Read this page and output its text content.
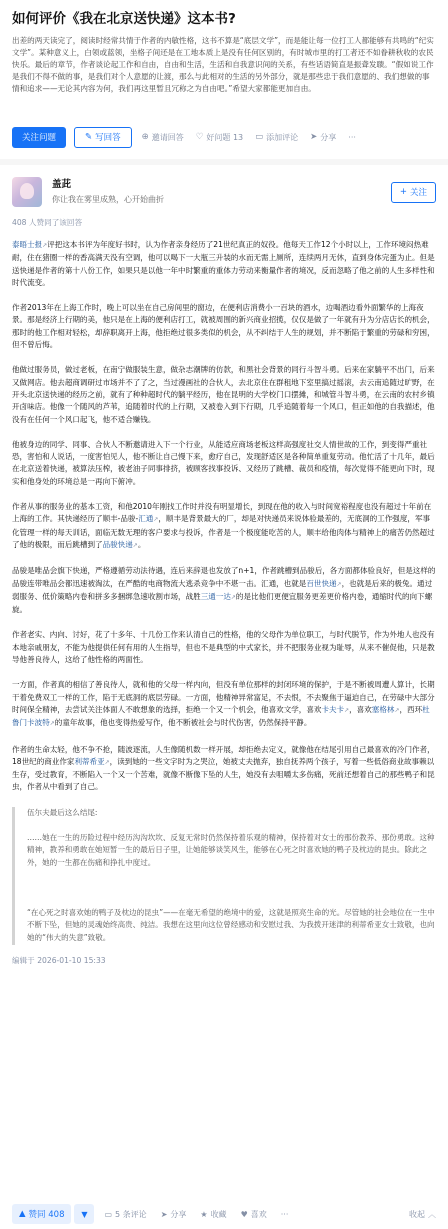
如何评价《我在北京送快递》这本书?
出差的两天读完了，阅读时经常共情于作者的内敏性格，这书不算是“底层文学”，而是能让每一位打工人都能够有共鸣的“纪实文学”。某种意义上，白领或蓝领，坐格子间还是在工地本质上是没有任何区别的，有时城市里的打工者还不如眷耕秋收的农民快乐。最后的章节，作者谈论起工作和自由，自由和生活，生活和自我意识间的关系，有些话语简直是振聋发聩。“假如说工作是我们不得不做的事，是我们对个人意愿的让渡，那么与此相对的生活的另外部分，就是那些忠于我们意愿的、我们想做的事情和追求——无论其内容为何，我们再这里暂且冗称之为自由吧。”希望大家都能更加自由。
关注问题	✎ 写回答 ⊕ 邀请回答 ♡ 好问题 13 ▭ 添加评论 ➤ 分享 ···
盖茈
你让我在雾里成熟，心开始曲折
+ 关注
408 人赞同了该回答

泰晤士报↗评把这本书评为年度好书时，认为作者亲身经历了21世纪真正的奴役。他每天工作12个小时以上，工作环境闷热难耐，住在猪圈一样的香高满天没有空调，他可以喝下一大瓶三升装的水而无需上厕所，连续两月无休，直到身体完蛋为止。但是送快递是作者的第十八份工作，如果只是以他一年中时繁重的重体力劳动来衡量作者的境况，反而忽略了他之前的人生多样性和时代流变。

作者2013年在上海工作时，晚上可以坐在自己房间里的窗边，在便利店消费小一百块的酒水，边喝酒边看外面繁华的上海夜景。那是经济上行期的美，他只是在上海的便利店打工，就被周围的新兴商业招揽，仅仅是做了一年就有升为分店店长的机会，那时的他工作相对轻松，却辞职离开上海，他拒绝过很多类似的机会，从不纠结于人生的规划，并不断陷于繁重的劳碌和穷困，但不曾后悔。

他做过服务员，做过老板，在南宁做服装生意，做杂志潮牌的仿款，和黑社会背景的同行斗智斗勇。后来在家躺平不出门，后来又做网店。他去超商调研过市场并不了了之，当过漫画社的合伙人，去北京住在群租地下室里搞过摇滚，去云南追随过旷野，在开头北京送快递的经历之前，就有了种种超时代的躺平经历，他在昆明的大学校门口摆摊，和城管斗智斗勇，在云南的农村乡镇开卤味店。他像一个随风的芦苇，追随着时代的上行期，又被卷入到下行期，几乎追随着每一个风口，但正如他的自我描述，他没有在任何一个风口起飞，他不适合赚钱。

他被身边的同学、同事、合伙人不断邀请进入下一个行业，从能适应商场老板这样高强度社交人情世故的工作，到变得严重社恐，害怕和人说话，一度害怕见人，他不断让自己慢下来，愈疗自己，发现舒适区是各种简单重复劳动。他忙活了十几年，最后在北京送着快递，被算法压榨，被老油子同事排挤，被顾客找事投诉、又经历了跳槽、裁员和疫情，每次觉得不能更向下时，现实和他身处的环境总是一再向下俯冲。

作者从事的服务业的基本工资，和他2010年刚找工作时并没有明显增长，到现在他的收入与时间宽裕程度也没有超过十年前在上海的工作。其快递经历了顺丰-品骏-汇通↗，顺丰是背景最大的厂，却是对快递员来说体验最差的，无底洞的工作强度，军事化管理一样的每天训话，面临无数无理的客户要求与投诉，作者是一个极度能吃苦的人，顺丰给他肉体与精神上的痛苦仍然超过了他的极限，而后跳槽到了品骏快递↗。

品骏是唯品会旗下快递，严格遵循劳动法待遇，连后来辞退也发放了n+1，作者跳槽到品骏后，各方面都体验良好，但是这样的品骏连带唯品会都迅速被淘汰，在严酷的电商物流大逃杀竞争中不堪一击。汇通，也就是百世快递↗，也就是后来的极兔。通过弱服务、低价策略内卷和拼多多捆绑急速收割市场，战胜三通一达↗的是比他们更便宜服务更差更价格内卷，通缩时代的向下螺旋。

作者老实、内向、讨好，花了十多年、十几份工作来认清自己的性格，他的父母作为单位职工，与时代脱节，作为外地人也没有本地亲戚朋友，不能为他提供任何有用的人生指导，但也不是典型的中式家长，并不把服务业视为耻辱，从来不催促他，只是教导他善良待人，这给了他性格的两面性。

一方面，作者真的相信了善良待人，就和他的父母一样内向，但没有单位那样的封闭环境的保护，于是不断被周遭人算计，长期干着免费双工一样的工作，陷于无底洞的底层劳碌。一方面，他精神异常富足，不去恨，不去聚焦于逼迫自己，在劳碌中大部分时间保全精神，去尝试关注体面人不敢想象的选择，拒绝一个又一个机会，他喜欢文学，喜欢卡夫卡↗，喜欢塞格林↗，西环杜鲁门卡波特↗的童年故事，他也变得热爱写作，他不断被社会与时代伤害，仍然保持平静。

作者的生命太轻，他不争不抢，随波逐流，人生像随机数一样开展，却拒绝去定义，就像他在结尾引用自己最喜欢的冷门作者，18世纪的商业作家利蒂希亚↗，读到她的一些文字时为之哭泣，她被丈夫抛弃，独自抚养两个孩子，写着一些低俗商业故事赖以生存，受过教育，不断陷入一个又一个苦难，就像不断像下坠的人生，她没有去咀嚼太多伤痛，死前还想着自己的那些鸭子和昆虫，作者从中看到了自己。

伍尔夫最后这么结尾:
……她在一生的历险过程中经历沟沟坎坎、反复无常时仍然保持着乐观的精神，保持着对女士的那份教养、那份勇敢。这种精神，教养和勇敢在她短暂一生的最后日子里，让她能够谈笑风生，能够在心死之时喜欢她的鸭子及枕边的昆虫。除此之外，她的一生都在伤痛和挣扎中度过。
“在心死之时喜欢她的鸭子及枕边的昆虫”——在毫无希望的绝境中的爱，这就是照亮生命的光。尽管她的社会地位在一生中不断下坠，但她的灵魂始终高贵、纯洁。我想在这里向这位曾经感动和安慰过我、为我拨开迷津的利蒂希亚女士致敬，也向她的“伟大的失意”致敬。
编辑于 2026-01-10 15:33
▲ 赞同 408 ▼ ▭ 5 条评论 ➤ 分享 ★ 收藏 ♥ 喜欢 ···	收起 ︿
